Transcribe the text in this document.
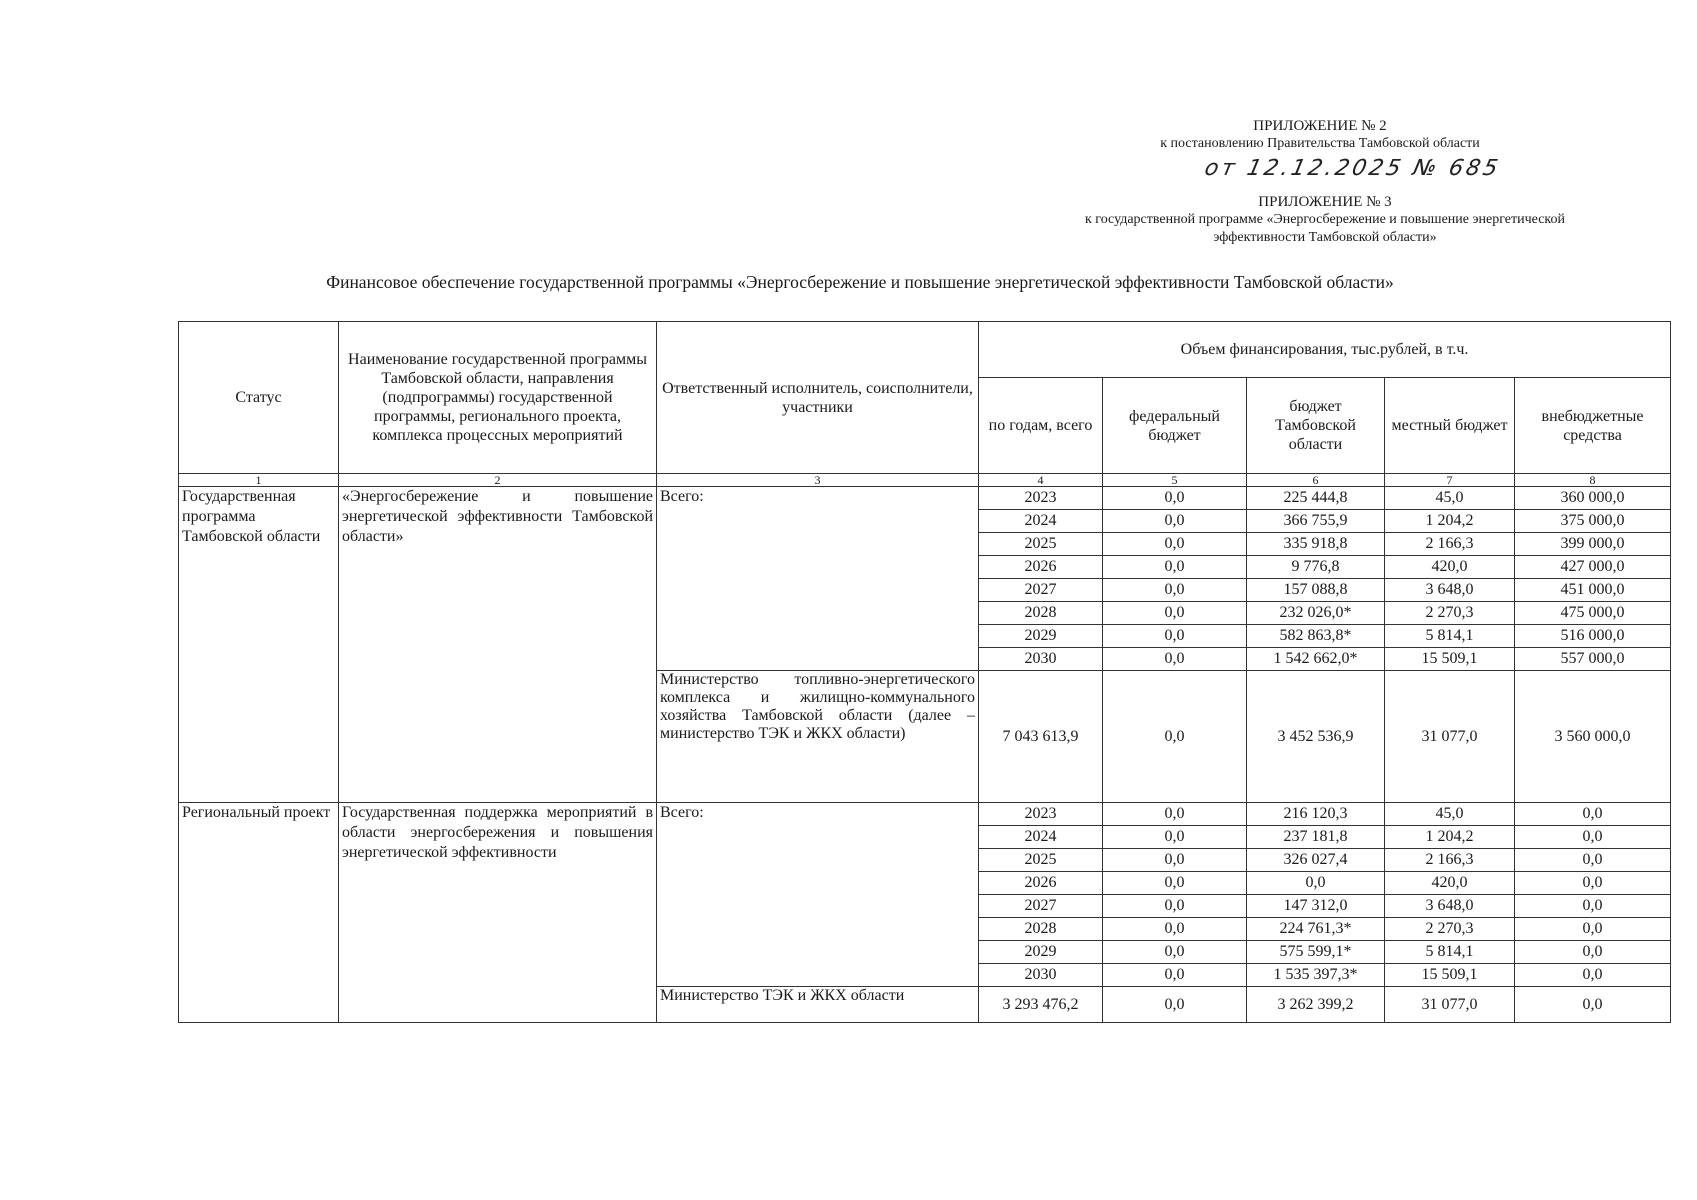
ПРИЛОЖЕНИЕ № 2
к постановлению Правительства Тамбовской области
от 12.12.2025 № 685
ПРИЛОЖЕНИЕ № 3
к государственной программе «Энергосбережение и повышение энергетической
эффективности Тамбовской области»
Финансовое обеспечение государственной программы «Энергосбережение и повышение энергетической эффективности Тамбовской области»
Статус	Наименование государственной программы Тамбовской области, направления (подпрограммы) государственной программы, регионального проекта, комплекса процессных мероприятий	Ответственный исполнитель, соисполнители, участники	Объем финансирования, тыс.рублей, в т.ч.				
			по годам, всего	федеральный бюджет	бюджет Тамбовской области	местный бюджет	внебюджетные средства
1	2	3	4	5	6	7	8
Государственная программа Тамбовской области	«Энергосбережение и повышение энергетической эффективности Тамбовской области»	Всего:	2023	0,0	225 444,8	45,0	360 000,0
			2024	0,0	366 755,9	1 204,2	375 000,0
			2025	0,0	335 918,8	2 166,3	399 000,0
			2026	0,0	9 776,8	420,0	427 000,0
			2027	0,0	157 088,8	3 648,0	451 000,0
			2028	0,0	232 026,0*	2 270,3	475 000,0
			2029	0,0	582 863,8*	5 814,1	516 000,0
			2030	0,0	1 542 662,0*	15 509,1	557 000,0
		Министерство топливно-энергетического комплекса и жилищно-коммунального хозяйства Тамбовской области (далее – министерство ТЭК и ЖКХ области)	7 043 613,9	0,0	3 452 536,9	31 077,0	3 560 000,0
Региональный проект	Государственная поддержка мероприятий в области энергосбережения и повышения энергетической эффективности	Всего:	2023	0,0	216 120,3	45,0	0,0
			2024	0,0	237 181,8	1 204,2	0,0
			2025	0,0	326 027,4	2 166,3	0,0
			2026	0,0	0,0	420,0	0,0
			2027	0,0	147 312,0	3 648,0	0,0
			2028	0,0	224 761,3*	2 270,3	0,0
			2029	0,0	575 599,1*	5 814,1	0,0
			2030	0,0	1 535 397,3*	15 509,1	0,0
		Министерство ТЭК и ЖКХ области	3 293 476,2	0,0	3 262 399,2	31 077,0	0,0
